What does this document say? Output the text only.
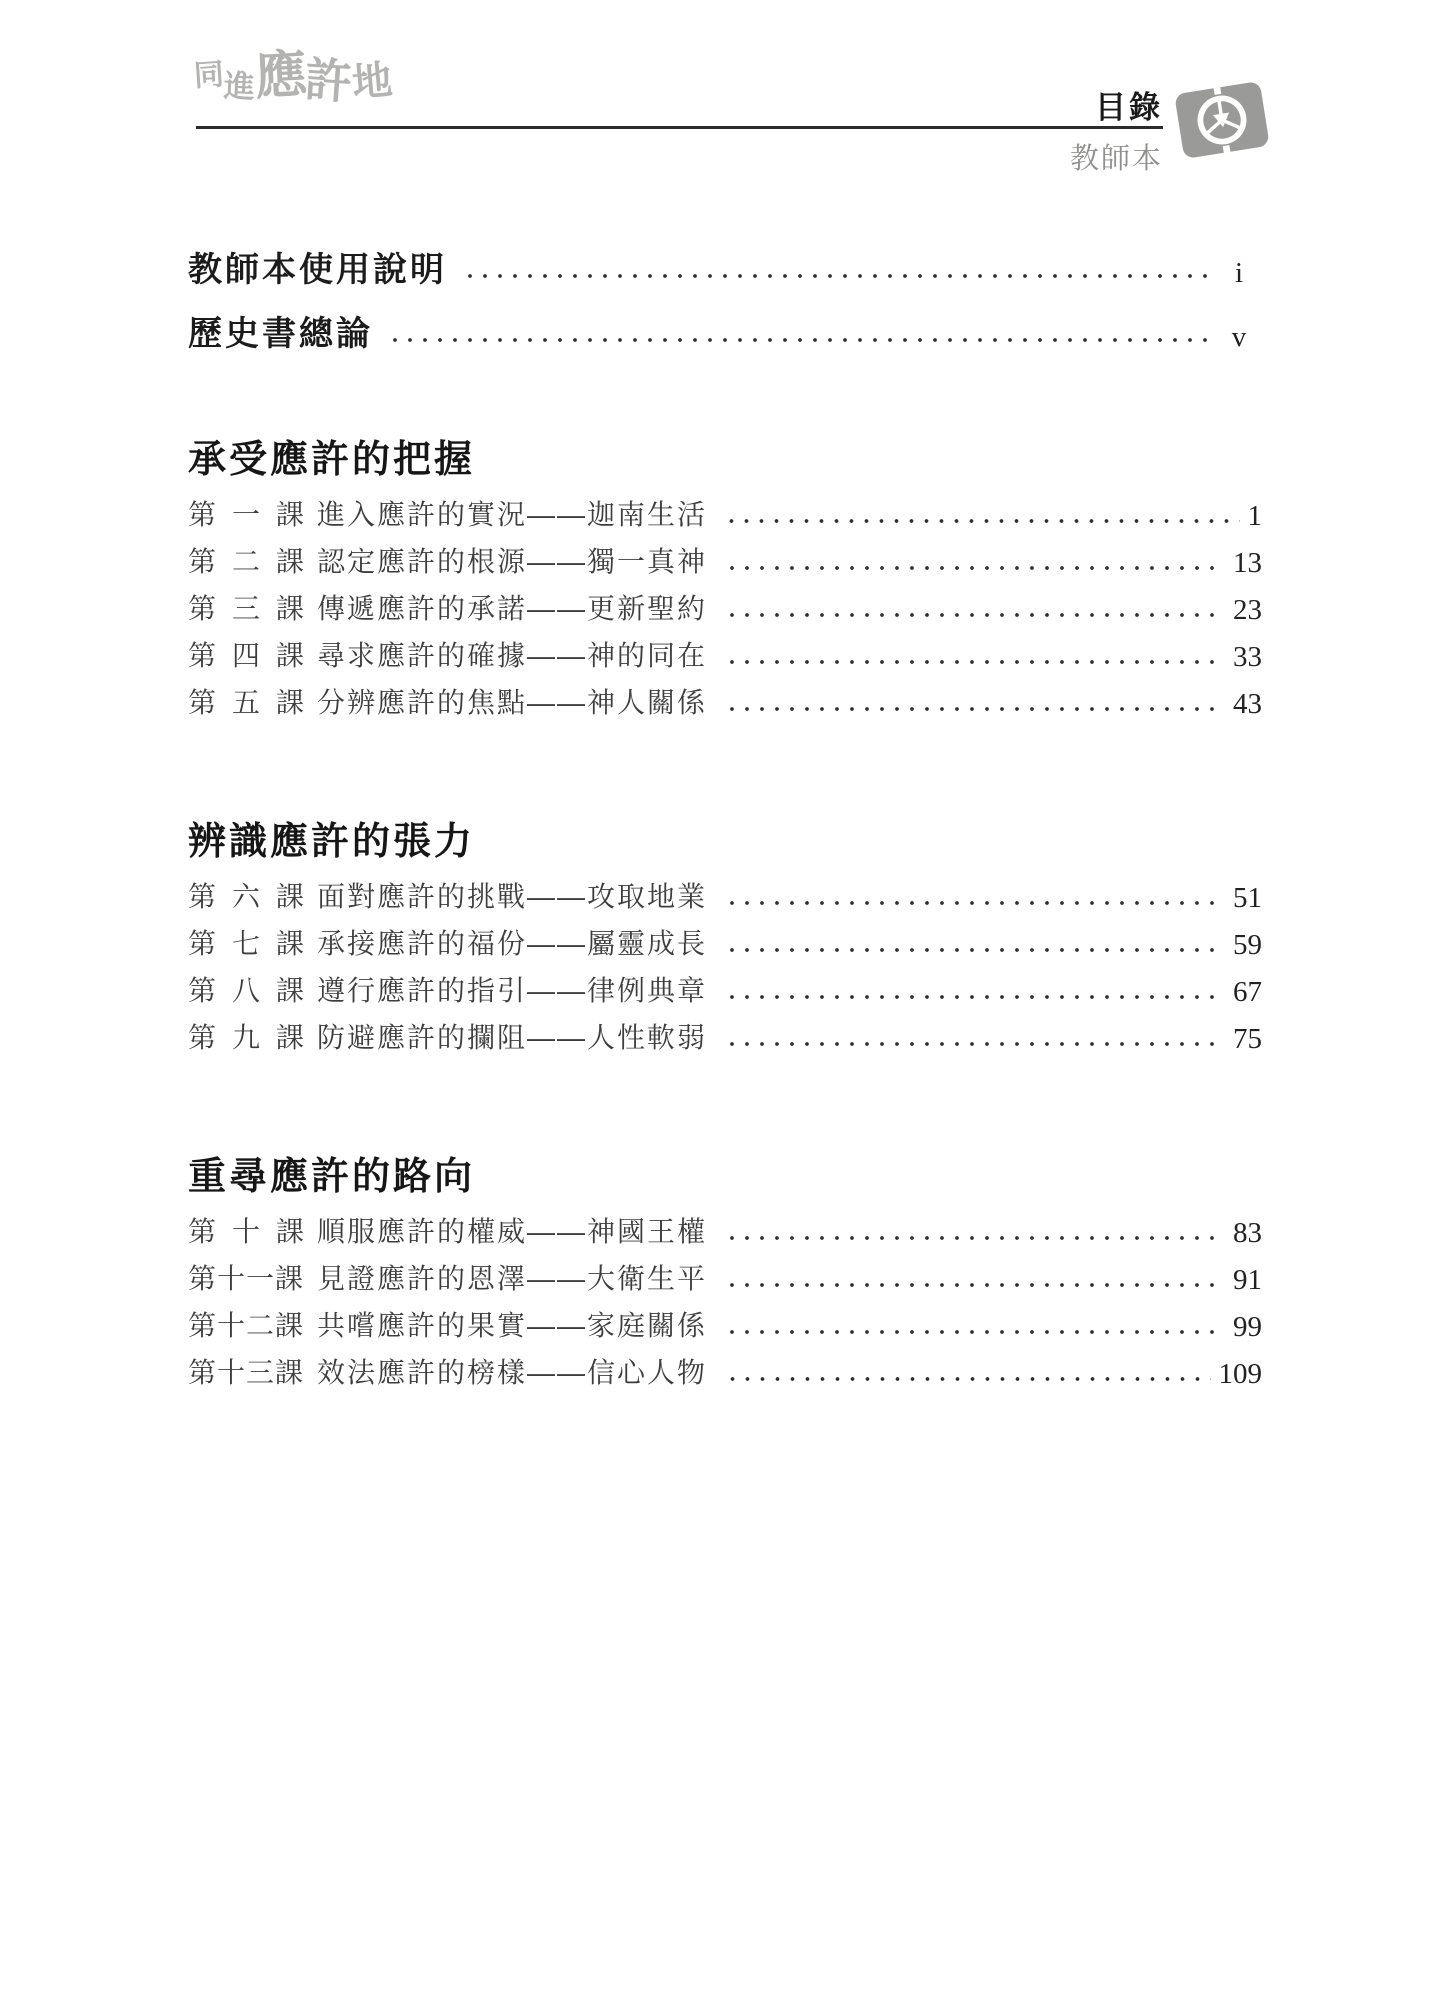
同進應許地
目錄
教師本
教師本使用說明	i
歷史書總論	v
承受應許的把握
第 一 課 進入應許的實況——迦南生活	1
第 二 課 認定應許的根源——獨一真神	13
第 三 課 傳遞應許的承諾——更新聖約	23
第 四 課 尋求應許的確據——神的同在	33
第 五 課 分辨應許的焦點——神人關係	43
辨識應許的張力
第 六 課 面對應許的挑戰——攻取地業	51
第 七 課 承接應許的福份——屬靈成長	59
第 八 課 遵行應許的指引——律例典章	67
第 九 課 防避應許的攔阻——人性軟弱	75
重尋應許的路向
第 十 課 順服應許的權威——神國王權	83
第十一課 見證應許的恩澤——大衛生平	91
第十二課 共嚐應許的果實——家庭關係	99
第十三課 效法應許的榜樣——信心人物	109
